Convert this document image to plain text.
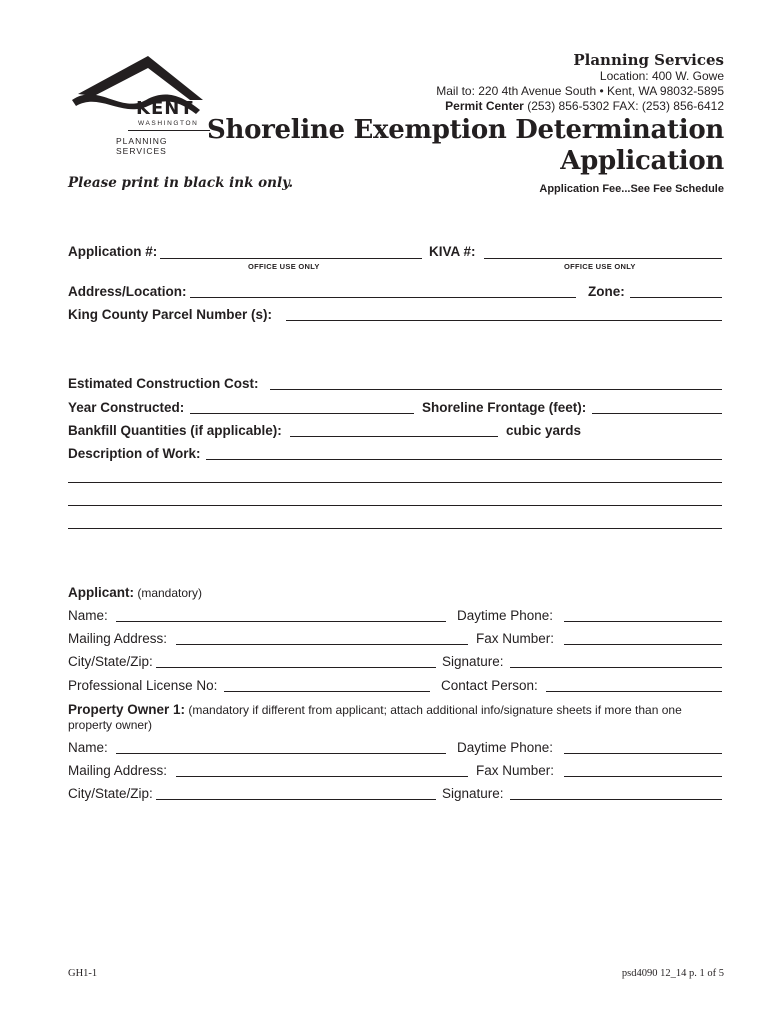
KENT
WASHINGTON
PLANNING SERVICES
Planning Services
Location: 400 W. Gowe
Mail to: 220 4th Avenue South • Kent, WA 98032-5895
Permit Center (253) 856-5302 FAX: (253) 856-6412
Shoreline Exemption Determination
Application
Please print in black ink only.	Application Fee...See Fee Schedule
Application #:
OFFICE USE ONLY
KIVA #:
OFFICE USE ONLY
Address/Location:	Zone:
King County Parcel Number (s):
Estimated Construction Cost:
Year Constructed:	Shoreline Frontage (feet):
Bankfill Quantities (if applicable):	cubic yards
Description of Work:
Applicant: (mandatory)
Name:	Daytime Phone:
Mailing Address:	Fax Number:
City/State/Zip:	Signature:
Professional License No:	Contact Person:
Property Owner 1: (mandatory if different from applicant; attach additional info/signature sheets if more than one
property owner)
Name:	Daytime Phone:
Mailing Address:	Fax Number:
City/State/Zip:	Signature:
GH1-1	psd4090 12_14 p. 1 of 5
